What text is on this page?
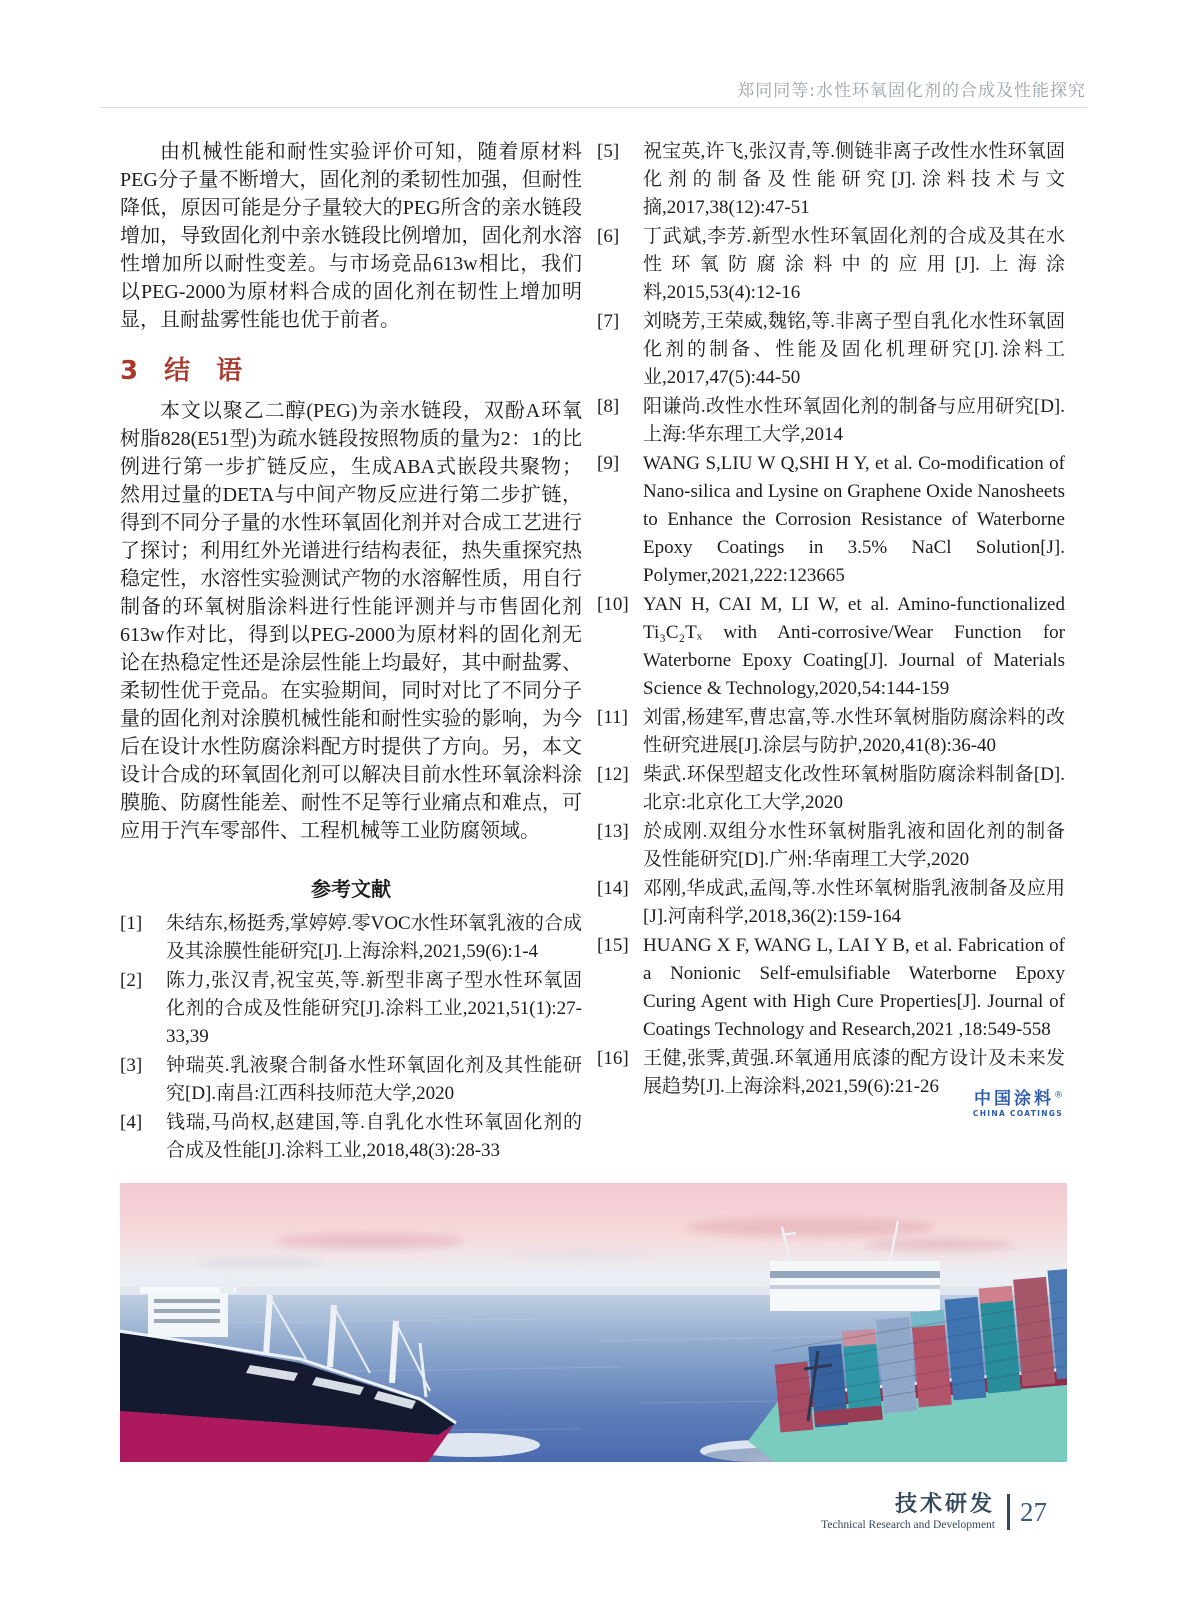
郑同同等:水性环氧固化剂的合成及性能探究

由机械性能和耐性实验评价可知，随着原材料PEG分子量不断增大，固化剂的柔韧性加强，但耐性降低，原因可能是分子量较大的PEG所含的亲水链段增加，导致固化剂中亲水链段比例增加，固化剂水溶性增加所以耐性变差。与市场竞品613w相比，我们以PEG-2000为原材料合成的固化剂在韧性上增加明显，且耐盐雾性能也优于前者。

3 结　语

本文以聚乙二醇(PEG)为亲水链段，双酚A环氧树脂828(E51型)为疏水链段按照物质的量为2：1的比例进行第一步扩链反应，生成ABA式嵌段共聚物；然用过量的DETA与中间产物反应进行第二步扩链，得到不同分子量的水性环氧固化剂并对合成工艺进行了探讨；利用红外光谱进行结构表征，热失重探究热稳定性，水溶性实验测试产物的水溶解性质，用自行制备的环氧树脂涂料进行性能评测并与市售固化剂613w作对比，得到以PEG-2000为原材料的固化剂无论在热稳定性还是涂层性能上均最好，其中耐盐雾、柔韧性优于竞品。在实验期间，同时对比了不同分子量的固化剂对涂膜机械性能和耐性实验的影响，为今后在设计水性防腐涂料配方时提供了方向。另，本文设计合成的环氧固化剂可以解决目前水性环氧涂料涂膜脆、防腐性能差、耐性不足等行业痛点和难点，可应用于汽车零部件、工程机械等工业防腐领域。

参考文献
[1] 朱结东,杨挺秀,掌婷婷.零VOC水性环氧乳液的合成及其涂膜性能研究[J].上海涂料,2021,59(6):1-4
[2] 陈力,张汉青,祝宝英,等.新型非离子型水性环氧固化剂的合成及性能研究[J].涂料工业,2021,51(1):27-33,39
[3] 钟瑞英.乳液聚合制备水性环氧固化剂及其性能研究[D].南昌:江西科技师范大学,2020
[4] 钱瑞,马尚权,赵建国,等.自乳化水性环氧固化剂的合成及性能[J].涂料工业,2018,48(3):28-33
[5] 祝宝英,许飞,张汉青,等.侧链非离子改性水性环氧固化剂的制备及性能研究[J].涂料技术与文摘,2017,38(12):47-51
[6] 丁武斌,李芳.新型水性环氧固化剂的合成及其在水性环氧防腐涂料中的应用[J].上海涂料,2015,53(4):12-16
[7] 刘晓芳,王荣威,魏铭,等.非离子型自乳化水性环氧固化剂的制备、性能及固化机理研究[J].涂料工业,2017,47(5):44-50
[8] 阳谦尚.改性水性环氧固化剂的制备与应用研究[D].上海:华东理工大学,2014
[9] WANG S,LIU W Q,SHI H Y, et al. Co-modification of Nano-silica and Lysine on Graphene Oxide Nanosheets to Enhance the Corrosion Resistance of Waterborne Epoxy Coatings in 3.5% NaCl Solution[J]. Polymer,2021,222:123665
[10] YAN H, CAI M, LI W, et al. Amino-functionalized Ti₃C₂Tₓ with Anti-corrosive/Wear Function for Waterborne Epoxy Coating[J]. Journal of Materials Science & Technology,2020,54:144-159
[11] 刘雷,杨建军,曹忠富,等.水性环氧树脂防腐涂料的改性研究进展[J].涂层与防护,2020,41(8):36-40
[12] 柴武.环保型超支化改性环氧树脂防腐涂料制备[D].北京:北京化工大学,2020
[13] 於成刚.双组分水性环氧树脂乳液和固化剂的制备及性能研究[D].广州:华南理工大学,2020
[14] 邓刚,华成武,孟闯,等.水性环氧树脂乳液制备及应用[J].河南科学,2018,36(2):159-164
[15] HUANG X F, WANG L, LAI Y B, et al. Fabrication of a Nonionic Self-emulsifiable Waterborne Epoxy Curing Agent with High Cure Properties[J]. Journal of Coatings Technology and Research,2021 ,18:549-558
[16] 王健,张霁,黄强.环氧通用底漆的配方设计及未来发展趋势[J].上海涂料,2021,59(6):21-26
中国涂料®
CHINA COATINGS
技术研发
Technical Research and Development 27
